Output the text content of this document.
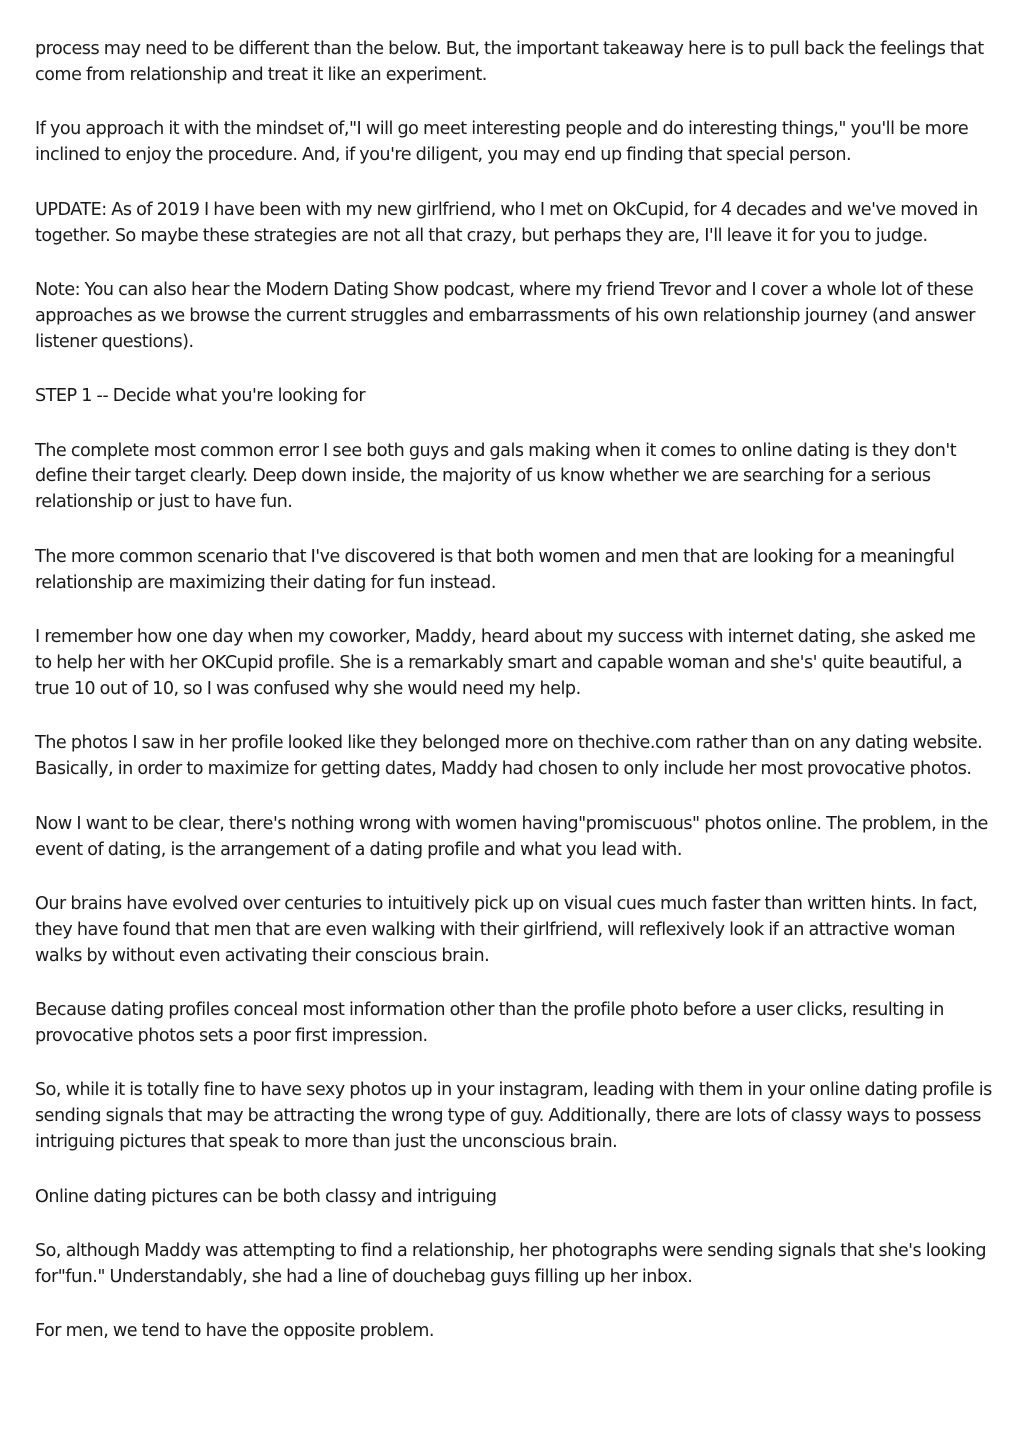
process may need to be different than the below. But, the important takeaway here is to pull back the feelings that come from relationship and treat it like an experiment.

If you approach it with the mindset of,"I will go meet interesting people and do interesting things," you'll be more inclined to enjoy the procedure. And, if you're diligent, you may end up finding that special person.

UPDATE: As of 2019 I have been with my new girlfriend, who I met on OkCupid, for 4 decades and we've moved in together. So maybe these strategies are not all that crazy, but perhaps they are, I'll leave it for you to judge.

Note: You can also hear the Modern Dating Show podcast, where my friend Trevor and I cover a whole lot of these approaches as we browse the current struggles and embarrassments of his own relationship journey (and answer listener questions).

STEP 1 -- Decide what you're looking for

The complete most common error I see both guys and gals making when it comes to online dating is they don't define their target clearly. Deep down inside, the majority of us know whether we are searching for a serious relationship or just to have fun.

The more common scenario that I've discovered is that both women and men that are looking for a meaningful relationship are maximizing their dating for fun instead.

I remember how one day when my coworker, Maddy, heard about my success with internet dating, she asked me to help her with her OKCupid profile. She is a remarkably smart and capable woman and she's' quite beautiful, a true 10 out of 10, so I was confused why she would need my help.

The photos I saw in her profile looked like they belonged more on thechive.com rather than on any dating website. Basically, in order to maximize for getting dates, Maddy had chosen to only include her most provocative photos.

Now I want to be clear, there's nothing wrong with women having"promiscuous" photos online. The problem, in the event of dating, is the arrangement of a dating profile and what you lead with.

Our brains have evolved over centuries to intuitively pick up on visual cues much faster than written hints. In fact, they have found that men that are even walking with their girlfriend, will reflexively look if an attractive woman walks by without even activating their conscious brain.

Because dating profiles conceal most information other than the profile photo before a user clicks, resulting in provocative photos sets a poor first impression.

So, while it is totally fine to have sexy photos up in your instagram, leading with them in your online dating profile is sending signals that may be attracting the wrong type of guy. Additionally, there are lots of classy ways to possess intriguing pictures that speak to more than just the unconscious brain.

Online dating pictures can be both classy and intriguing

So, although Maddy was attempting to find a relationship, her photographs were sending signals that she's looking for"fun." Understandably, she had a line of douchebag guys filling up her inbox.

For men, we tend to have the opposite problem.
